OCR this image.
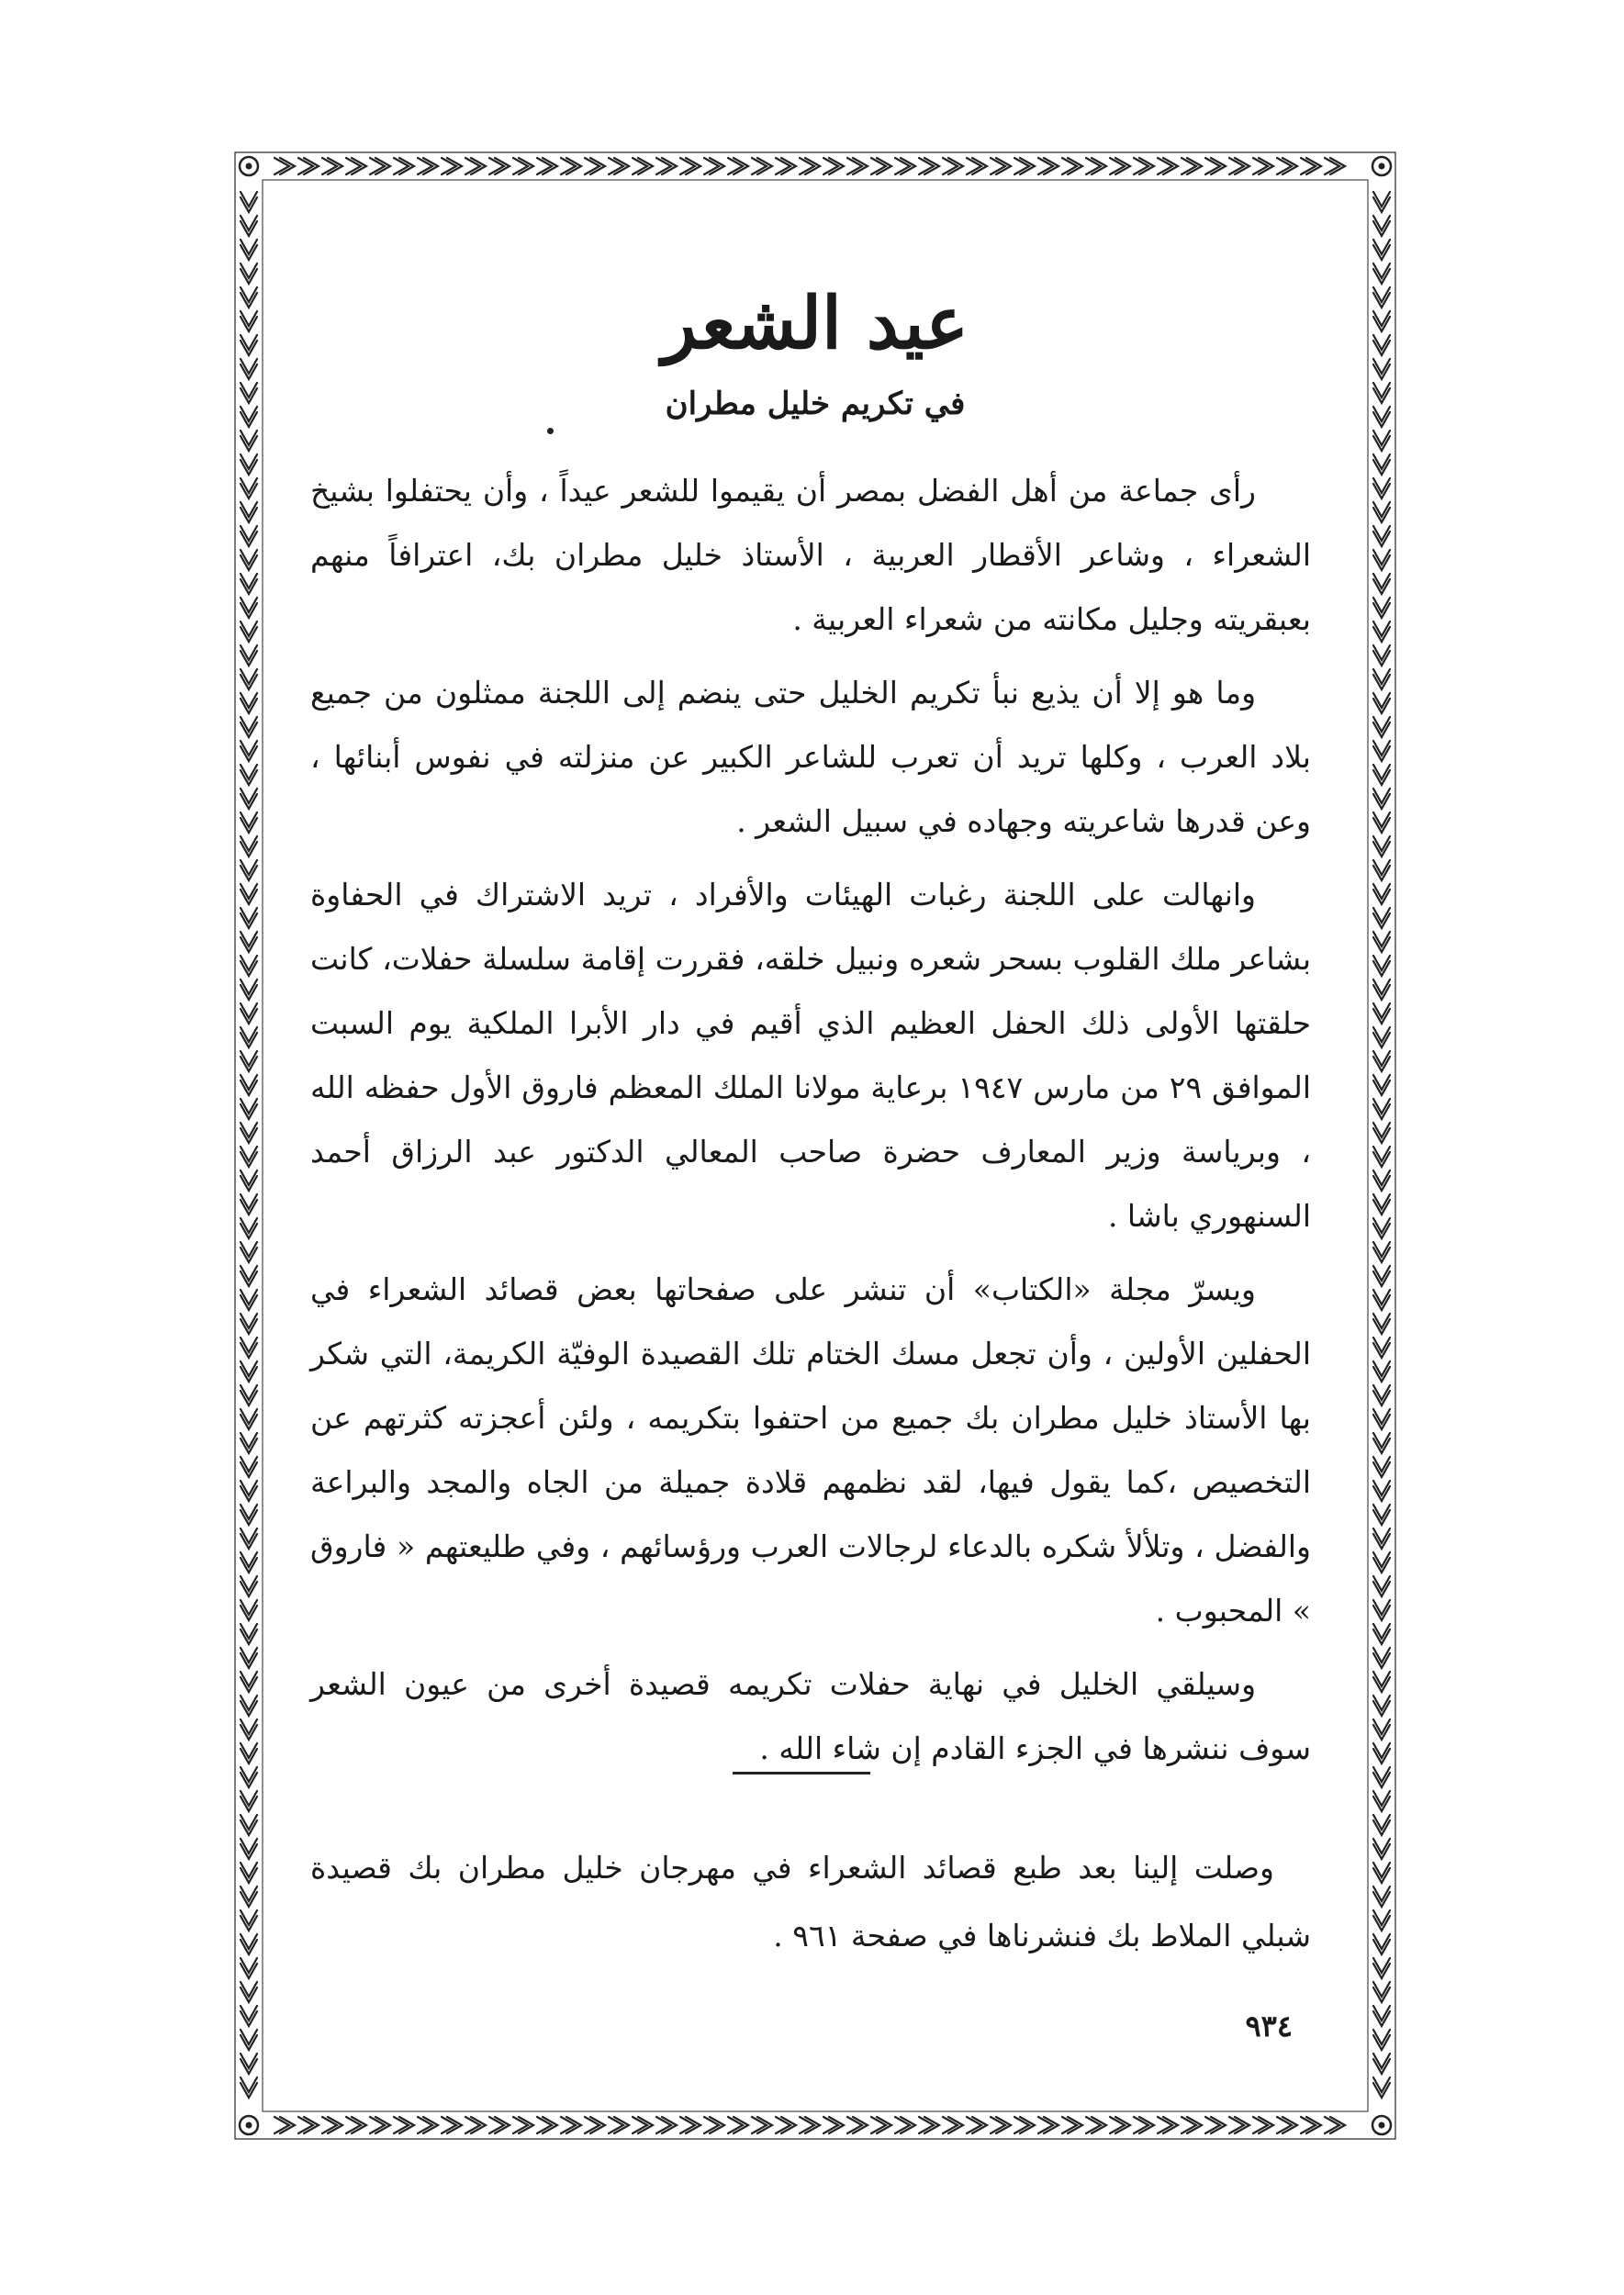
عيد الشعر
في تكريم خليل مطران

رأى جماعة من أهل الفضل بمصر أن يقيموا للشعر عيداً ، وأن يحتفلوا بشيخ الشعراء ، وشاعر الأقطار العربية ، الأستاذ خليل مطران بك، اعترافاً منهم بعبقريته وجليل مكانته من شعراء العربية .

وما هو إلا أن يذيع نبأ تكريم الخليل حتى ينضم إلى اللجنة ممثلون من جميع بلاد العرب ، وكلها تريد أن تعرب للشاعر الكبير عن منزلته في نفوس أبنائها ، وعن قدرها شاعريته وجهاده في سبيل الشعر .

وانهالت على اللجنة رغبات الهيئات والأفراد ، تريد الاشتراك في الحفاوة بشاعر ملك القلوب بسحر شعره ونبيل خلقه، فقررت إقامة سلسلة حفلات، كانت حلقتها الأولى ذلك الحفل العظيم الذي أقيم في دار الأبرا الملكية يوم السبت الموافق ٢٩ من مارس ١٩٤٧ برعاية مولانا الملك المعظم فاروق الأول حفظه الله ، وبرياسة وزير المعارف حضرة صاحب المعالي الدكتور عبد الرزاق أحمد السنهوري باشا .

ويسرّ مجلة «الكتاب» أن تنشر على صفحاتها بعض قصائد الشعراء في الحفلين الأولين ، وأن تجعل مسك الختام تلك القصيدة الوفيّة الكريمة، التي شكر بها الأستاذ خليل مطران بك جميع من احتفوا بتكريمه ، ولئن أعجزته كثرتهم عن التخصيص ،كما يقول فيها، لقد نظمهم قلادة جميلة من الجاه والمجد والبراعة والفضل ، وتلألأ شكره بالدعاء لرجالات العرب ورؤسائهم ، وفي طليعتهم « فاروق » المحبوب .

وسيلقي الخليل في نهاية حفلات تكريمه قصيدة أخرى من عيون الشعر سوف ننشرها في الجزء القادم إن شاء الله .

وصلت إلينا بعد طبع قصائد الشعراء في مهرجان خليل مطران بك قصيدة شبلي الملاط بك فنشرناها في صفحة ٩٦١ .

٩٣٤
